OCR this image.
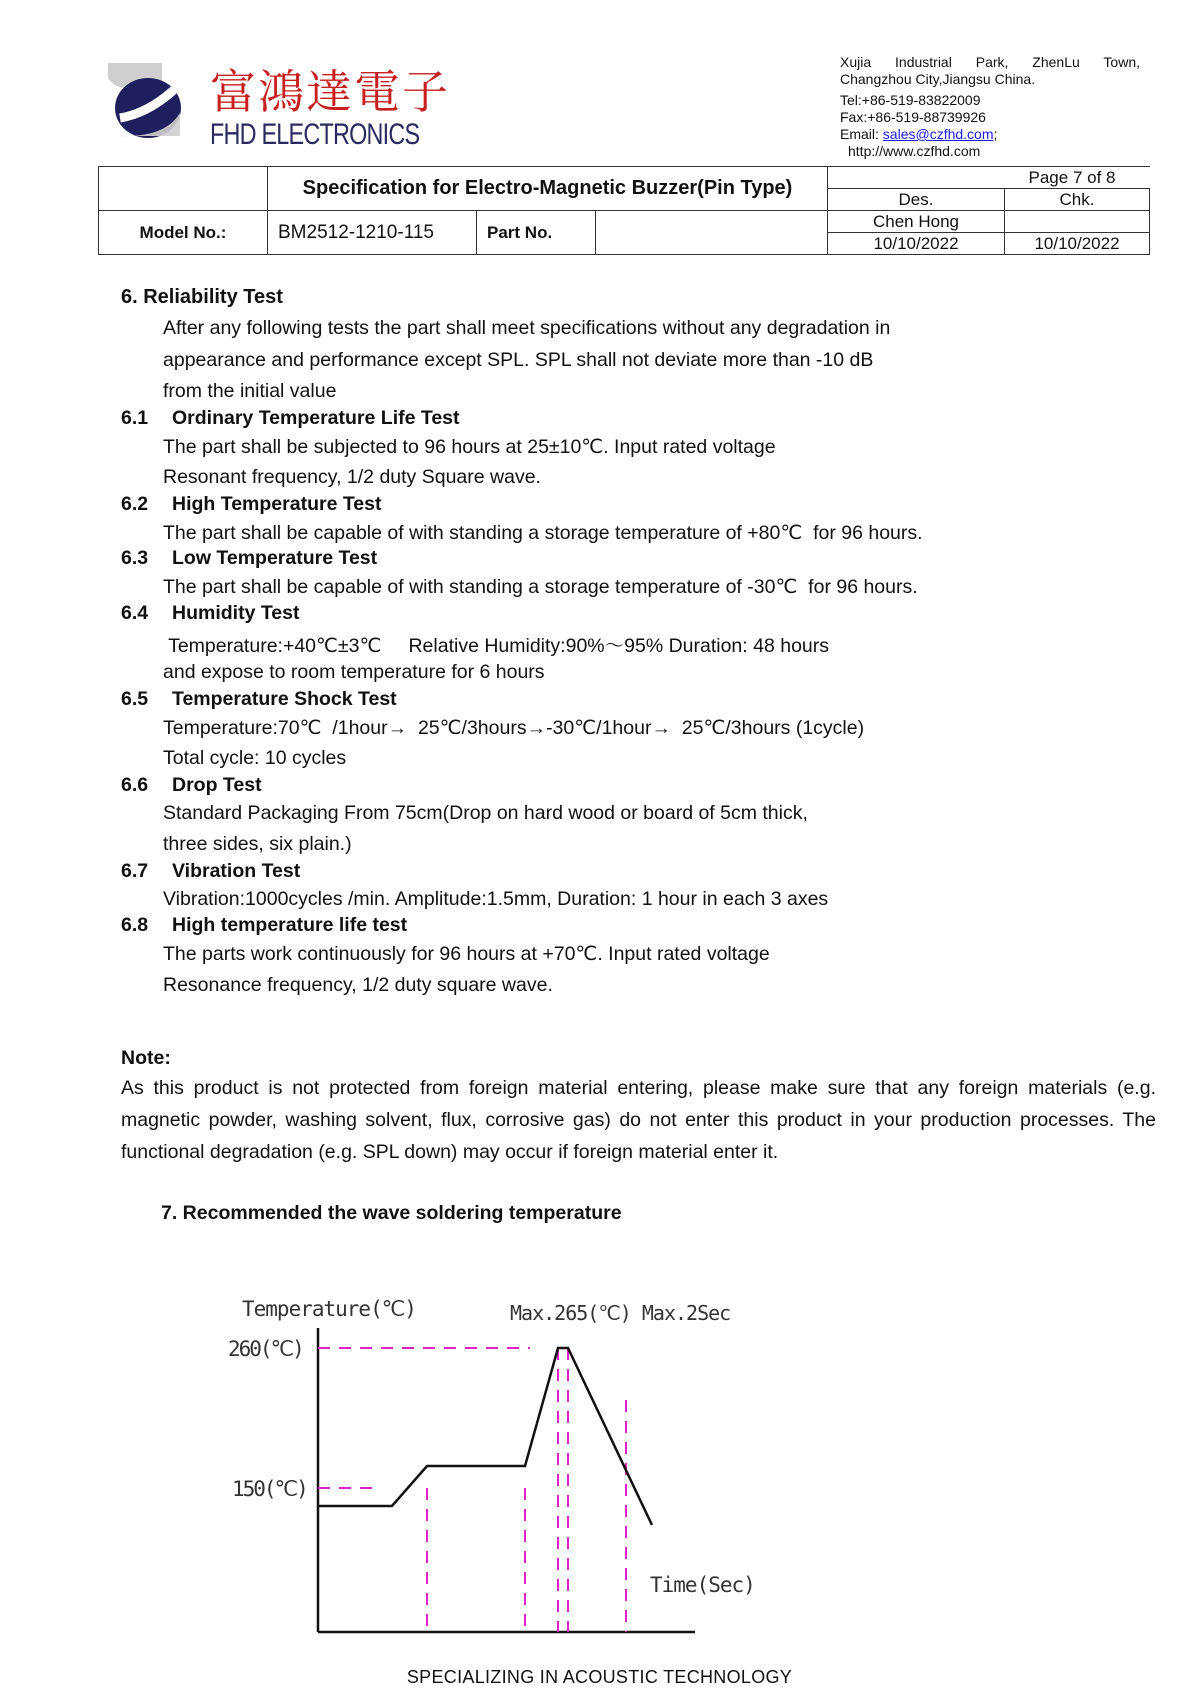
富鴻達電子
FHD ELECTRONICS
Xujia Industrial Park, ZhenLu Town,
Changzhou City,Jiangsu China.
Tel:+86-519-83822009
Fax:+86-519-88739926
Email: sales@czfhd.com;
http://www.czfhd.com
	Specification for Electro-Magnetic Buzzer(Pin Type)				
				Des.	Chk.
Model No.:	BM2512-1210-115	Part No.		Chen Hong	
				10/10/2022	10/10/2022
Page 7 of 8
6. Reliability Test
After any following tests the part shall meet specifications without any degradation in
appearance and performance except SPL. SPL shall not deviate more than -10 dB
from the initial value
6.1 Ordinary Temperature Life Test
The part shall be subjected to 96 hours at 25±10℃. Input rated voltage
Resonant frequency, 1/2 duty Square wave.
6.2 High Temperature Test
The part shall be capable of with standing a storage temperature of +80℃  for 96 hours.
6.3 Low Temperature Test
The part shall be capable of with standing a storage temperature of -30℃  for 96 hours.
6.4 Humidity Test
Temperature:+40℃±3℃     Relative Humidity:90%～95% Duration: 48 hours
and expose to room temperature for 6 hours
6.5 Temperature Shock Test
Temperature:70℃  /1hour→  25℃/3hours→-30℃/1hour→  25℃/3hours (1cycle)
Total cycle: 10 cycles
6.6 Drop Test
Standard Packaging From 75cm(Drop on hard wood or board of 5cm thick,
three sides, six plain.)
6.7 Vibration Test
Vibration:1000cycles /min. Amplitude:1.5mm, Duration: 1 hour in each 3 axes
6.8 High temperature life test
The parts work continuously for 96 hours at +70℃. Input rated voltage
Resonance frequency, 1/2 duty square wave.
Note:
As this product is not protected from foreign material entering, please make sure that any foreign materials (e.g. magnetic powder, washing solvent, flux, corrosive gas) do not enter this product in your production processes. The functional degradation (e.g. SPL down) may occur if foreign material enter it.
7. Recommended the wave soldering temperature
Temperature(℃)
260(℃)
150(℃)
Max.265(℃) Max.2Sec
Time(Sec)
SPECIALIZING IN ACOUSTIC TECHNOLOGY
